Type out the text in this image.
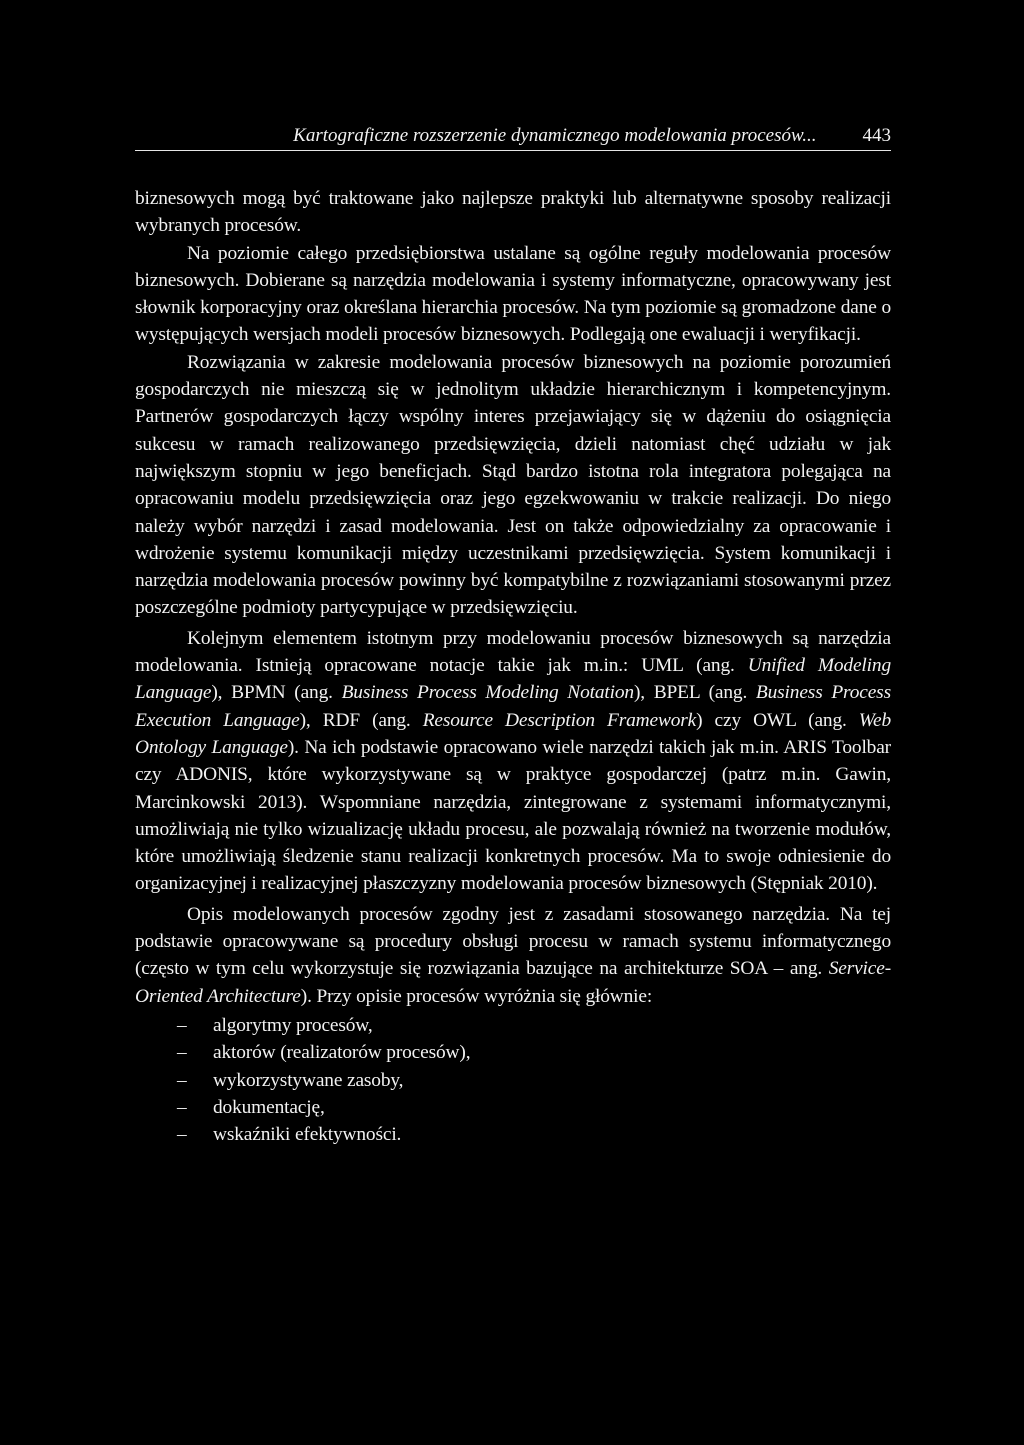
Kartograficzne rozszerzenie dynamicznego modelowania procesów... 443

biznesowych mogą być traktowane jako najlepsze praktyki lub alternatywne sposoby realizacji wybranych procesów.

Na poziomie całego przedsiębiorstwa ustalane są ogólne reguły modelowania procesów biznesowych. Dobierane są narzędzia modelowania i systemy informatyczne, opracowywany jest słownik korporacyjny oraz określana hierarchia procesów. Na tym poziomie są gromadzone dane o występujących wersjach modeli procesów biznesowych. Podlegają one ewaluacji i weryfikacji.

Rozwiązania w zakresie modelowania procesów biznesowych na poziomie porozumień gospodarczych nie mieszczą się w jednolitym układzie hierarchicznym i kompetencyjnym. Partnerów gospodarczych łączy wspólny interes przejawiający się w dążeniu do osiągnięcia sukcesu w ramach realizowanego przedsięwzięcia, dzieli natomiast chęć udziału w jak największym stopniu w jego beneficjach. Stąd bardzo istotna rola integratora polegająca na opracowaniu modelu przedsięwzięcia oraz jego egzekwowaniu w trakcie realizacji. Do niego należy wybór narzędzi i zasad modelowania. Jest on także odpowiedzialny za opracowanie i wdrożenie systemu komunikacji między uczestnikami przedsięwzięcia. System komunikacji i narzędzia modelowania procesów powinny być kompatybilne z rozwiązaniami stosowanymi przez poszczególne podmioty partycypujące w przedsięwzięciu.

Kolejnym elementem istotnym przy modelowaniu procesów biznesowych są narzędzia modelowania. Istnieją opracowane notacje takie jak m.in.: UML (ang. Unified Modeling Language), BPMN (ang. Business Process Modeling Notation), BPEL (ang. Business Process Execution Language), RDF (ang. Resource Description Framework) czy OWL (ang. Web Ontology Language). Na ich podstawie opracowano wiele narzędzi takich jak m.in. ARIS Toolbar czy ADONIS, które wykorzystywane są w praktyce gospodarczej (patrz m.in. Gawin, Marcinkowski 2013). Wspomniane narzędzia, zintegrowane z systemami informatycznymi, umożliwiają nie tylko wizualizację układu procesu, ale pozwalają również na tworzenie modułów, które umożliwiają śledzenie stanu realizacji konkretnych procesów. Ma to swoje odniesienie do organizacyjnej i realizacyjnej płaszczyzny modelowania procesów biznesowych (Stępniak 2010).

Opis modelowanych procesów zgodny jest z zasadami stosowanego narzędzia. Na tej podstawie opracowywane są procedury obsługi procesu w ramach systemu informatycznego (często w tym celu wykorzystuje się rozwiązania bazujące na architekturze SOA – ang. Service-Oriented Architecture). Przy opisie procesów wyróżnia się głównie:

–	algorytmy procesów,
–	aktorów (realizatorów procesów),
–	wykorzystywane zasoby,
–	dokumentację,
–	wskaźniki efektywności.
